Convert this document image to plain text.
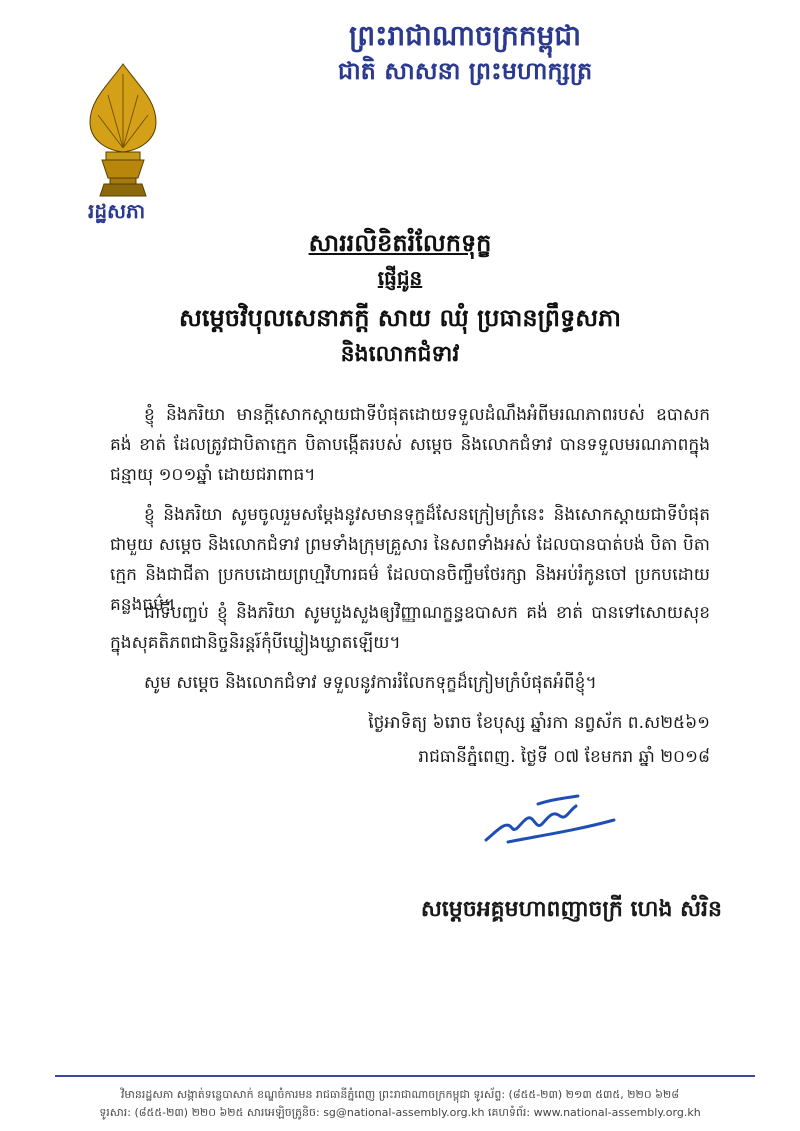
ព្រះរាជាណាចក្រកម្ពុជា
ជាតិ សាសនា ព្រះមហាក្សត្រ
រដ្ឋសភា
សាររលិខិតរំលែកទុក្ខ
ផ្ញើជូន
សម្តេចវិបុលសេនាភក្តី សាយ ឈុំ ប្រធានព្រឹទ្ធសភា
និងលោកជំទាវ
ខ្ញុំ និងភរិយា មានក្តីសោកស្តាយជាទីបំផុតដោយទទួលដំណឹងអំពីមរណភាពរបស់ ឧបាសក គង់ ខាត់ ដែលត្រូវជាបិតាក្មេក បិតាបង្កើតរបស់ សម្តេច និងលោកជំទាវ បានទទួលមរណភាពក្នុងជន្មាយុ ១០១ឆ្នាំ ដោយជរាពាធ។
ខ្ញុំ និងភរិយា សូមចូលរួមសម្តែងនូវសមានទុក្ខដ៏សែនក្រៀមក្រំនេះ និងសោកស្តាយជាទីបំផុតជាមួយ សម្តេច និងលោកជំទាវ ព្រមទាំងក្រុមគ្រួសារ នៃសពទាំងអស់ ដែលបានបាត់បង់ បិតា បិតាក្មេក និងជាជីតា ប្រកបដោយព្រហ្មវិហារធម៌ ដែលបានចិញ្ចឹមថែរក្សា និងអប់រំកូនចៅ ប្រកបដោយគន្លងធម៌។
ជាទីបញ្ចប់ ខ្ញុំ និងភរិយា សូមបួងសួងឲ្យវិញ្ញាណក្ខន្ធឧបាសក គង់ ខាត់ បានទៅសោយសុខ ក្នុងសុគតិភពជានិច្ចនិរន្តរ៍កុំបីឃ្លៀងឃ្លាតឡើយ។
សូម សម្តេច និងលោកជំទាវ ទទួលនូវការរំលែកទុក្ខដ៏ក្រៀមក្រំបំផុតអំពីខ្ញុំ។
ថ្ងៃអាទិត្យ ៦រោច ខែបុស្ស ឆ្នាំរកា នព្វស័ក ព.ស២៥៦១
រាជធានីភ្នំពេញ. ថ្ងៃទី ០៧ ខែមករា ឆ្នាំ ២០១៨
សម្តេចអគ្គមហាពញាចក្រី ហេង សំរិន
វិមានរដ្ឋសភា សង្កាត់ទន្លេបាសាក់ ខណ្ឌចំការមន រាជធានីភ្នំពេញ ព្រះរាជាណាចក្រកម្ពុជា ទូរស័ព្ទ: (៨៥៥-២៣) ២១៣ ៥៣៥, ២២០ ៦២៨
ទូរសារ: (៨៥៥-២៣) ២២០ ៦២៥ សារអេឡិចត្រូនិច: sg@national-assembly.org.kh គេហទំព័រ: www.national-assembly.org.kh
